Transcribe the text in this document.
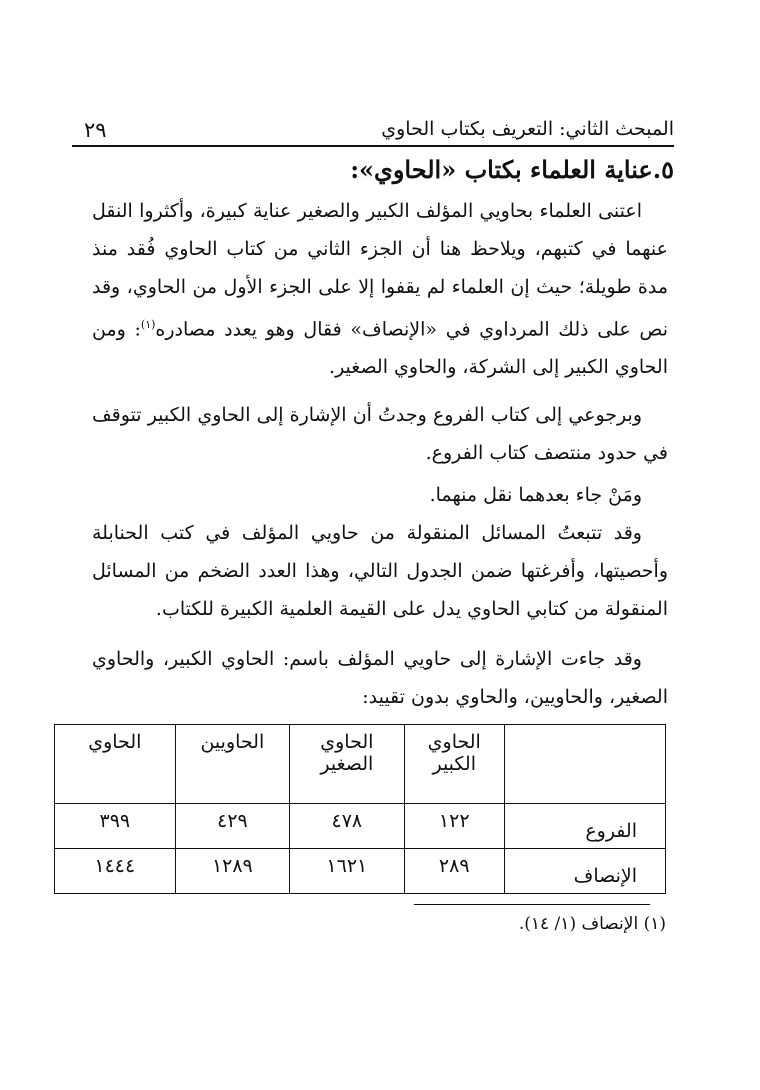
المبحث الثاني: التعريف بكتاب الحاوي
٢٩
٥.عناية العلماء بكتاب «الحاوي»:

اعتنى العلماء بحاويي المؤلف الكبير والصغير عناية كبيرة، وأكثروا النقل عنهما في كتبهم، ويلاحظ هنا أن الجزء الثاني من كتاب الحاوي فُقد منذ مدة طويلة؛ حيث إن العلماء لم يقفوا إلا على الجزء الأول من الحاوي، وقد نص على ذلك المرداوي في «الإنصاف» فقال وهو يعدد مصادره$^{(١)}$: ومن الحاوي الكبير إلى الشركة، والحاوي الصغير.

وبرجوعي إلى كتاب الفروع وجدتُ أن الإشارة إلى الحاوي الكبير تتوقف في حدود منتصف كتاب الفروع.

ومَنْ جاء بعدهما نقل منهما.

وقد تتبعتُ المسائل المنقولة من حاويي المؤلف في كتب الحنابلة وأحصيتها، وأفرغتها ضمن الجدول التالي، وهذا العدد الضخم من المسائل المنقولة من كتابي الحاوي يدل على القيمة العلمية الكبيرة للكتاب.

وقد جاءت الإشارة إلى حاويي المؤلف باسم: الحاوي الكبير، والحاوي الصغير، والحاويين، والحاوي بدون تقييد:

	الحاوي الكبير	الحاوي الصغير	الحاويين	الحاوي
الفروع	١٢٢	٤٧٨	٤٢٩	٣٩٩
الإنصاف	٢٨٩	١٦٢١	١٢٨٩	١٤٤٤
(١) الإنصاف (١/ ١٤).
